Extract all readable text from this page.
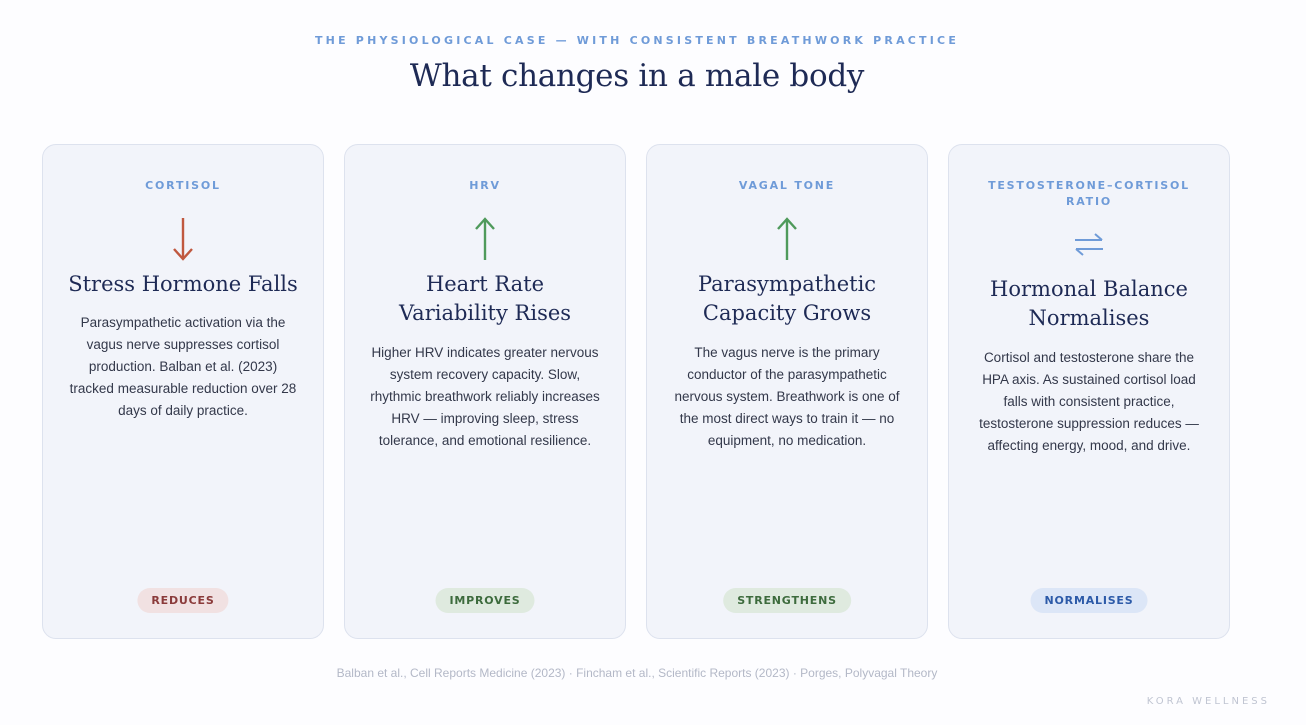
THE PHYSIOLOGICAL CASE — WITH CONSISTENT BREATHWORK PRACTICE
What changes in a male body
CORTISOL
Stress Hormone Falls
Parasympathetic activation via the vagus nerve suppresses cortisol production. Balban et al. (2023) tracked measurable reduction over 28 days of daily practice.
REDUCES
HRV
Heart Rate Variability Rises
Higher HRV indicates greater nervous system recovery capacity. Slow, rhythmic breathwork reliably increases HRV — improving sleep, stress tolerance, and emotional resilience.
IMPROVES
VAGAL TONE
Parasympathetic Capacity Grows
The vagus nerve is the primary conductor of the parasympathetic nervous system. Breathwork is one of the most direct ways to train it — no equipment, no medication.
STRENGTHENS
TESTOSTERONE–CORTISOL RATIO
Hormonal Balance Normalises
Cortisol and testosterone share the HPA axis. As sustained cortisol load falls with consistent practice, testosterone suppression reduces — affecting energy, mood, and drive.
NORMALISES
Balban et al., Cell Reports Medicine (2023) · Fincham et al., Scientific Reports (2023) · Porges, Polyvagal Theory
KORA WELLNESS
